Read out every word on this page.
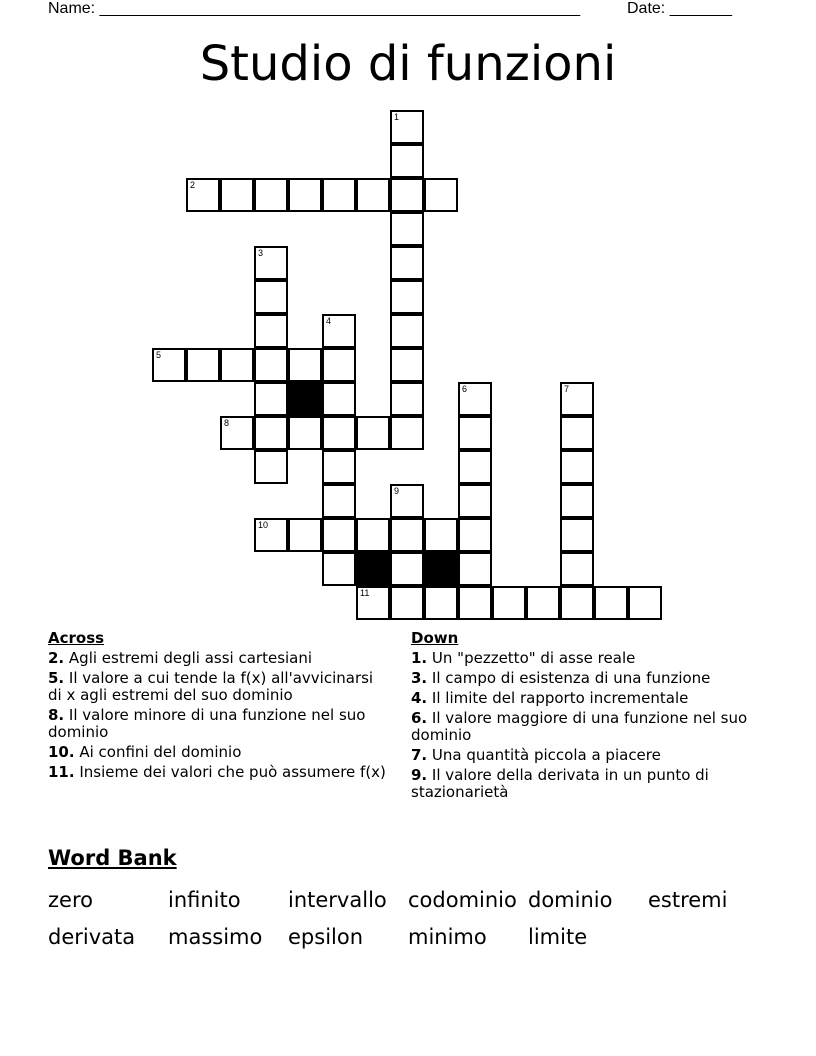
Name: ______________________________________________________	Date: _______
Studio di funzioni
1
2
3
4
5
6	7
8
9
10
11
Across
2. Agli estremi degli assi cartesiani
5. Il valore a cui tende la f(x) all'avvicinarsi di x agli estremi del suo dominio
8. Il valore minore di una funzione nel suo dominio
10. Ai confini del dominio
11. Insieme dei valori che può assumere f(x)
Down
1. Un "pezzetto" di asse reale
3. Il campo di esistenza di una funzione
4. Il limite del rapporto incrementale
6. Il valore maggiore di una funzione nel suo dominio
7. Una quantità piccola a piacere
9. Il valore della derivata in un punto di stazionarietà
Word Bank
zero	infinito intervallo codominio dominio estremi
derivata massimo epsilon minimo limite
